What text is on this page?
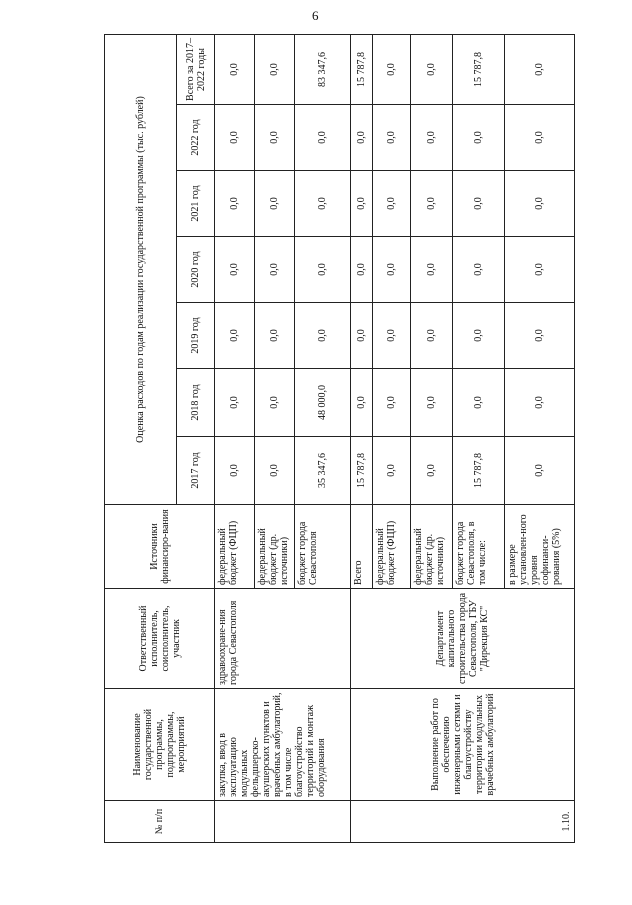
6
№ п/п	Наименование государственной программы, подпрограммы, мероприятий	Ответственный исполнитель, соисполнитель, участник	Источники финансиро-вания	Оценка расходов по годам реализации государственной программы (тыс. рублей)						
				2017 год	2018 год	2019 год	2020 год	2021 год	2022 год	Всего за 2017–2022 годы
	закупка, ввод в эксплуатацию модульных фельдшерско-акушерских пунктов и врачебных амбулаторий, в том числе благоустройство территорий и монтаж оборудования	здравоохране-ния города Севастополя	федеральный бюджет (ФЦП)	0,0	0,0	0,0	0,0	0,0	0,0	0,0
			федеральный бюджет (др. источники)	0,0	0,0	0,0	0,0	0,0	0,0	0,0
			бюджет города Севастополя	35 347,6	48 000,0	0,0	0,0	0,0	0,0	83 347,6
1.10.	Выполнение работ по обеспечению инженерными сетями и благоустройству территории модульных врачебных амбулаторий	Департамент капитального строительства города Севастополя, ГБУ "Дирекция КС"	Всего	15 787,8	0,0	0,0	0,0	0,0	0,0	15 787,8
			федеральный бюджет (ФЦП)	0,0	0,0	0,0	0,0	0,0	0,0	0,0
			федеральный бюджет (др. источники)	0,0	0,0	0,0	0,0	0,0	0,0	0,0
			бюджет города Севастополя, в том числе:	15 787,8	0,0	0,0	0,0	0,0	0,0	15 787,8
			в размере установлен-ного уровня софинанси-рования (5%)	0,0	0,0	0,0	0,0	0,0	0,0	0,0
